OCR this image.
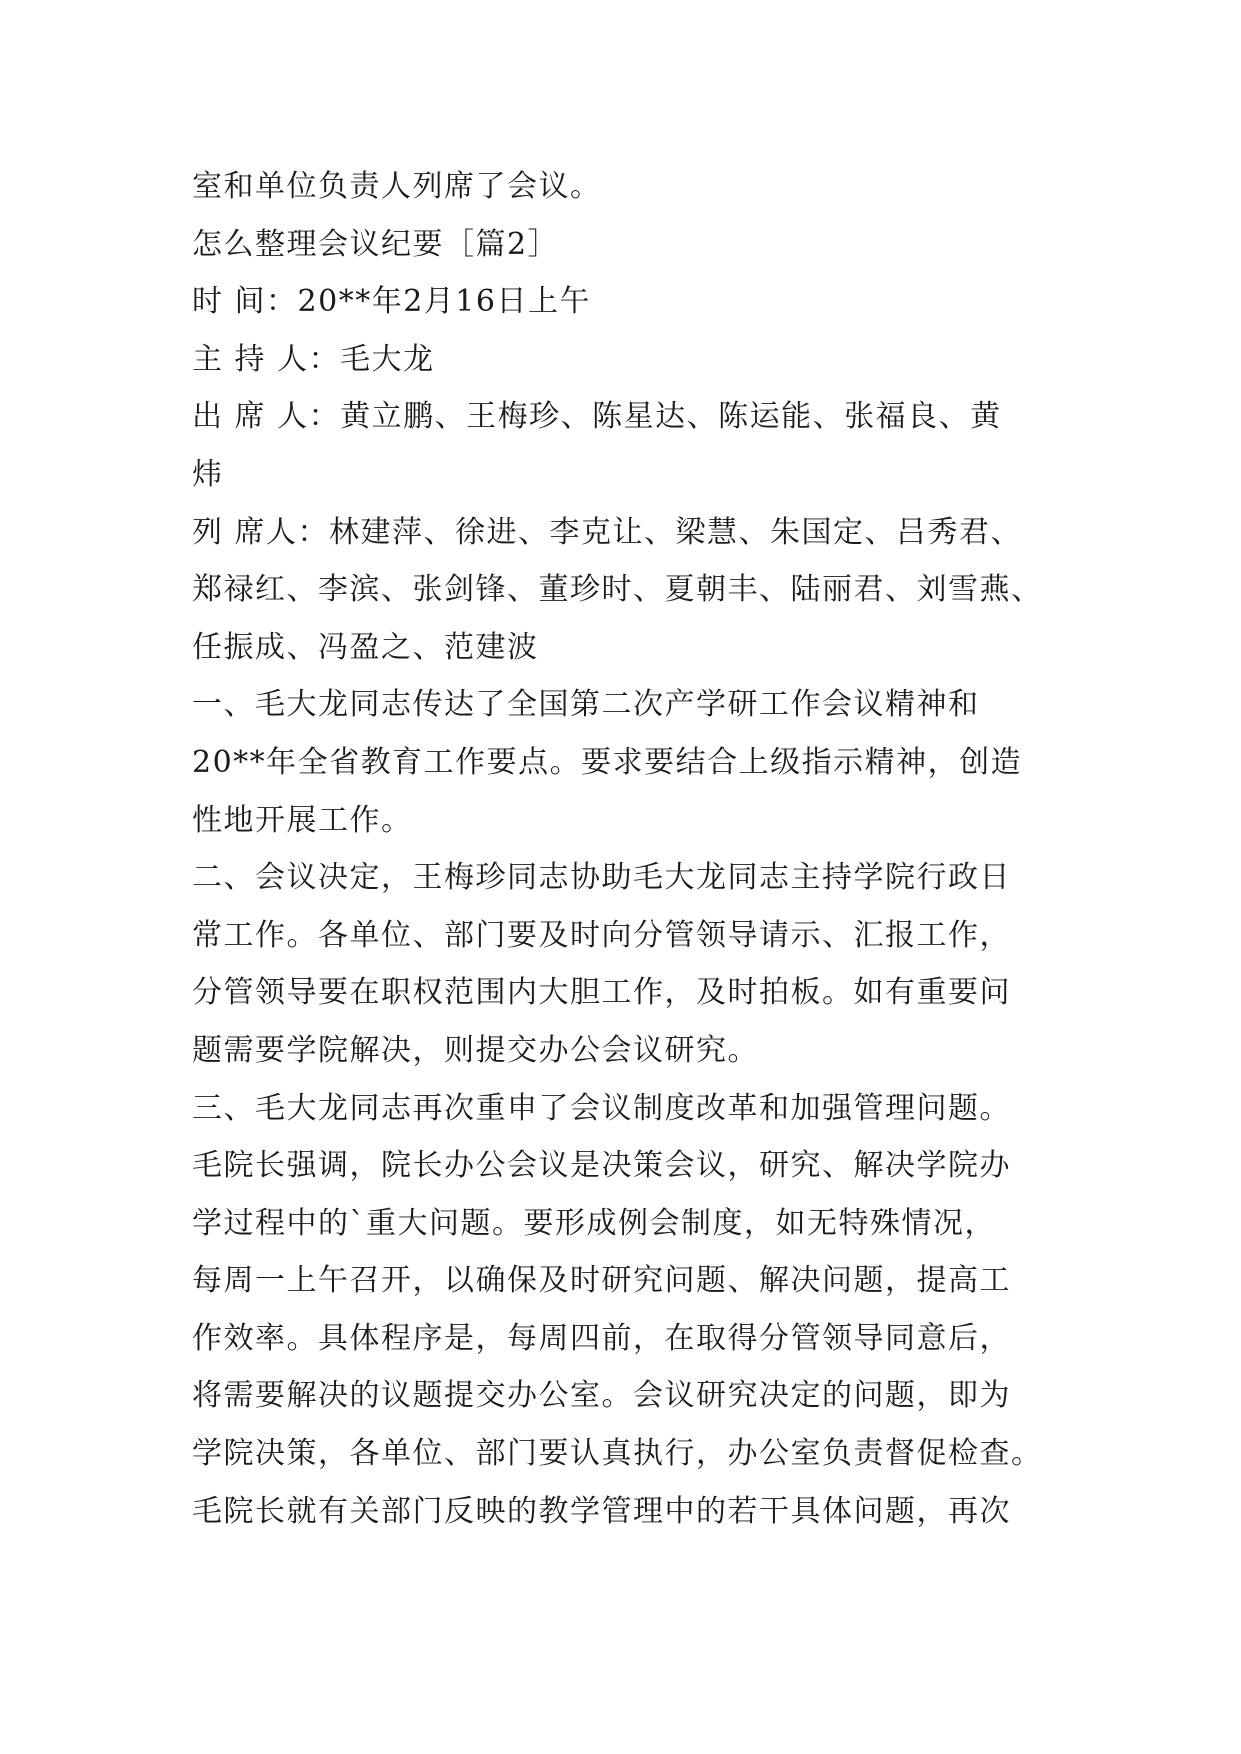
室和单位负责人列席了会议。
怎么整理会议纪要［篇2］
时 间：20**年2月16日上午
主 持 人：毛大龙
出 席 人：黄立鹏、王梅珍、陈星达、陈运能、张福良、黄
炜
列 席人：林建萍、徐进、李克让、梁慧、朱国定、吕秀君、
郑禄红、李滨、张剑锋、董珍时、夏朝丰、陆丽君、刘雪燕、
任振成、冯盈之、范建波
一、毛大龙同志传达了全国第二次产学研工作会议精神和
20**年全省教育工作要点。要求要结合上级指示精神，创造
性地开展工作。
二、会议决定，王梅珍同志协助毛大龙同志主持学院行政日
常工作。各单位、部门要及时向分管领导请示、汇报工作，
分管领导要在职权范围内大胆工作，及时拍板。如有重要问
题需要学院解决，则提交办公会议研究。
三、毛大龙同志再次重申了会议制度改革和加强管理问题。
毛院长强调，院长办公会议是决策会议，研究、解决学院办
学过程中的`重大问题。要形成例会制度，如无特殊情况，
每周一上午召开，以确保及时研究问题、解决问题，提高工
作效率。具体程序是，每周四前，在取得分管领导同意后，
将需要解决的议题提交办公室。会议研究决定的问题，即为
学院决策，各单位、部门要认真执行，办公室负责督促检查。
毛院长就有关部门反映的教学管理中的若干具体问题，再次
